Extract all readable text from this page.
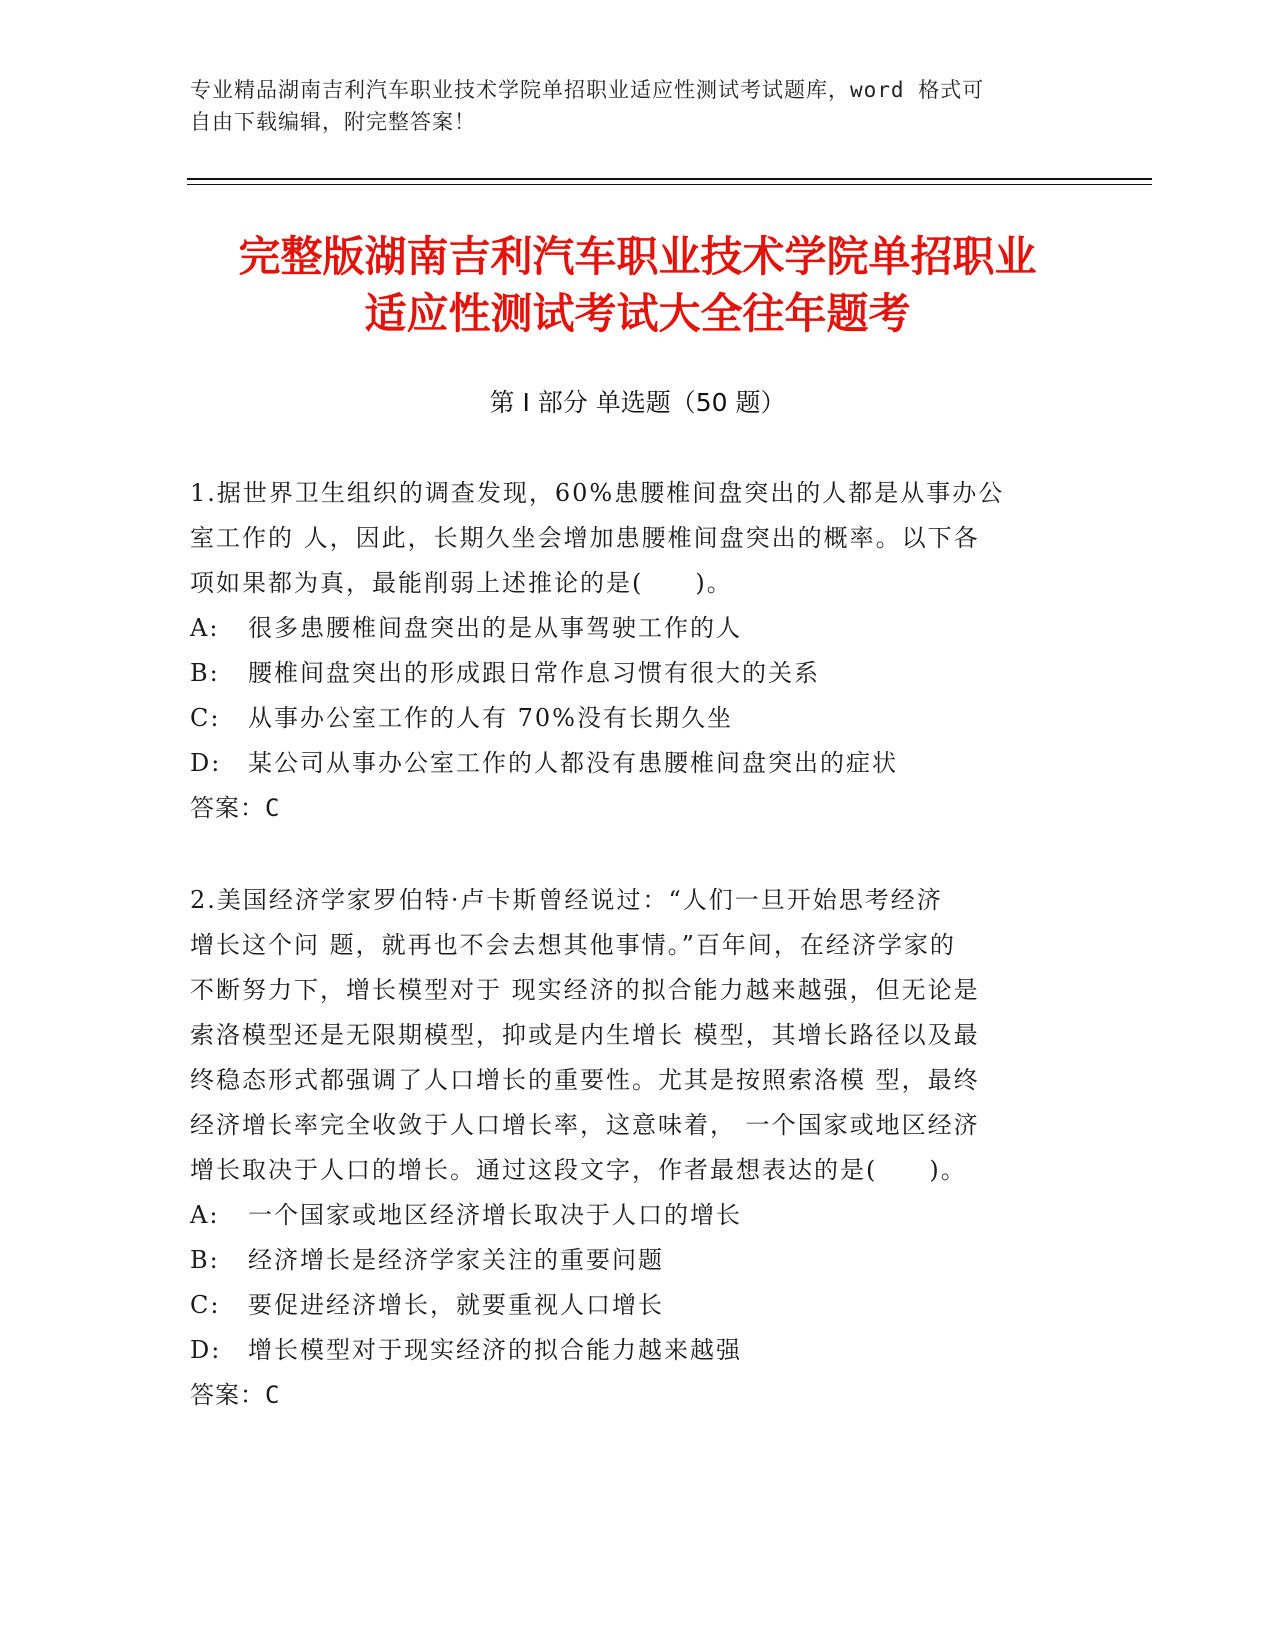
专业精品湖南吉利汽车职业技术学院单招职业适应性测试考试题库，word 格式可
自由下载编辑，附完整答案！
完整版湖南吉利汽车职业技术学院单招职业
适应性测试考试大全往年题考
第 I 部分 单选题（50 题）

1.据世界卫生组织的调查发现，60%患腰椎间盘突出的人都是从事办公

室工作的 人，因此，长期久坐会增加患腰椎间盘突出的概率。以下各

项如果都为真，最能削弱上述推论的是(　　)。

A:	很多患腰椎间盘突出的是从事驾驶工作的人
B:	腰椎间盘突出的形成跟日常作息习惯有很大的关系
C:	从事办公室工作的人有 70%没有长期久坐
D:	某公司从事办公室工作的人都没有患腰椎间盘突出的症状

答案：C

2.美国经济学家罗伯特·卢卡斯曾经说过：“人们一旦开始思考经济

增长这个问 题，就再也不会去想其他事情。”百年间，在经济学家的

不断努力下，增长模型对于 现实经济的拟合能力越来越强，但无论是

索洛模型还是无限期模型，抑或是内生增长 模型，其增长路径以及最

终稳态形式都强调了人口增长的重要性。尤其是按照索洛模 型，最终

经济增长率完全收敛于人口增长率，这意味着， 一个国家或地区经济

增长取决于人口的增长。通过这段文字，作者最想表达的是(　　)。

A:	一个国家或地区经济增长取决于人口的增长
B:	经济增长是经济学家关注的重要问题
C:	要促进经济增长，就要重视人口增长
D:	增长模型对于现实经济的拟合能力越来越强

答案：C
